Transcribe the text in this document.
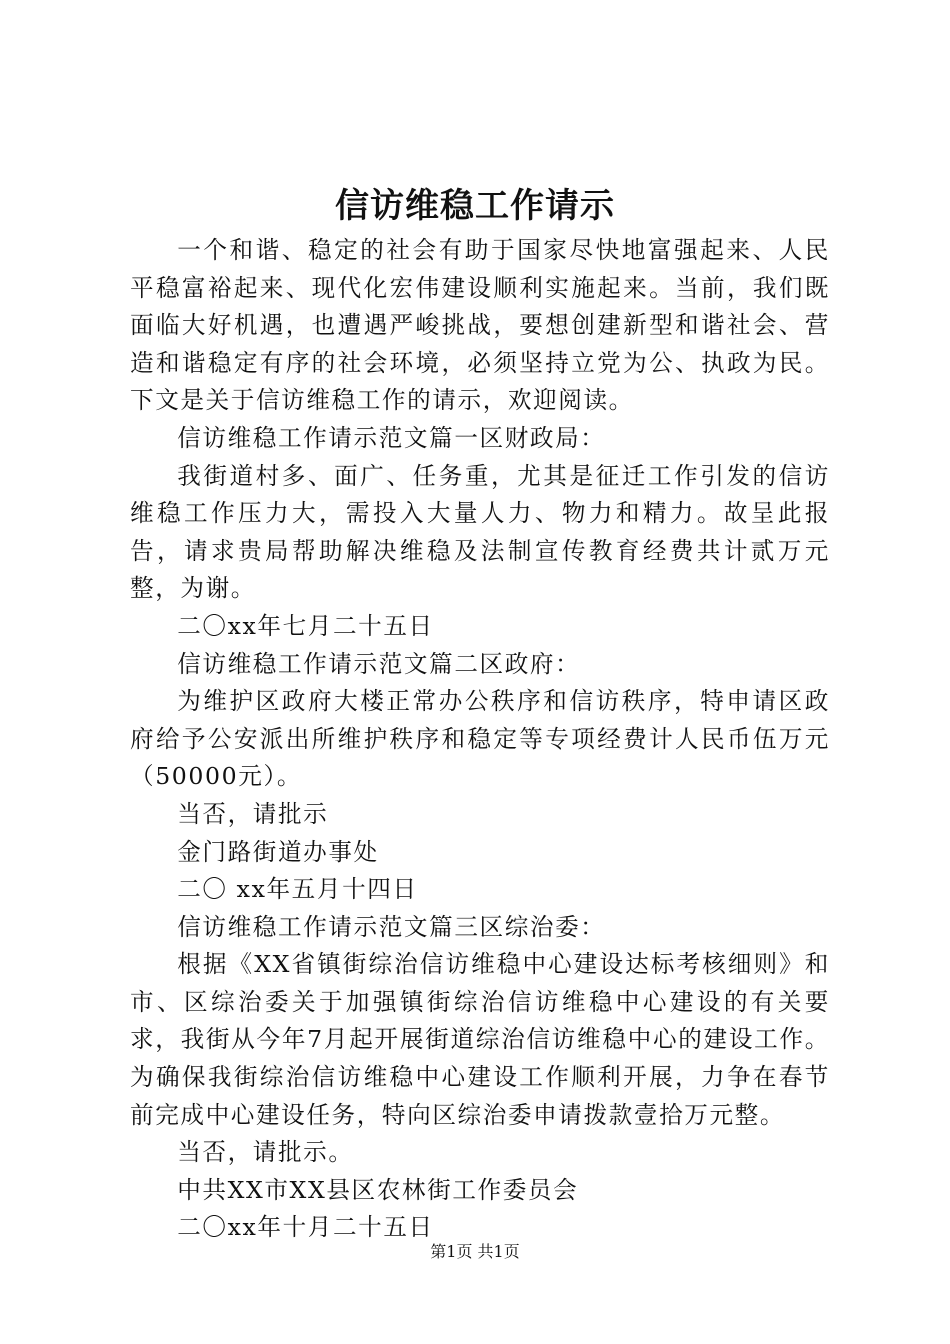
信访维稳工作请示

一个和谐、稳定的社会有助于国家尽快地富强起来、人民平稳富裕起来、现代化宏伟建设顺利实施起来。当前，我们既面临大好机遇，也遭遇严峻挑战，要想创建新型和谐社会、营造和谐稳定有序的社会环境，必须坚持立党为公、执政为民。下文是关于信访维稳工作的请示，欢迎阅读。

信访维稳工作请示范文篇一区财政局：

我街道村多、面广、任务重，尤其是征迁工作引发的信访维稳工作压力大，需投入大量人力、物力和精力。故呈此报告，请求贵局帮助解决维稳及法制宣传教育经费共计贰万元整，为谢。

二〇xx年七月二十五日

信访维稳工作请示范文篇二区政府：

为维护区政府大楼正常办公秩序和信访秩序，特申请区政府给予公安派出所维护秩序和稳定等专项经费计人民币伍万元（50000元）。

当否，请批示

金门路街道办事处

二〇 xx年五月十四日

信访维稳工作请示范文篇三区综治委：

根据《XX省镇街综治信访维稳中心建设达标考核细则》和市、区综治委关于加强镇街综治信访维稳中心建设的有关要求，我街从今年7月起开展街道综治信访维稳中心的建设工作。为确保我街综治信访维稳中心建设工作顺利开展，力争在春节前完成中心建设任务，特向区综治委申请拨款壹拾万元整。

当否，请批示。

中共XX市XX县区农林街工作委员会

二〇xx年十月二十五日

第1页 共1页
